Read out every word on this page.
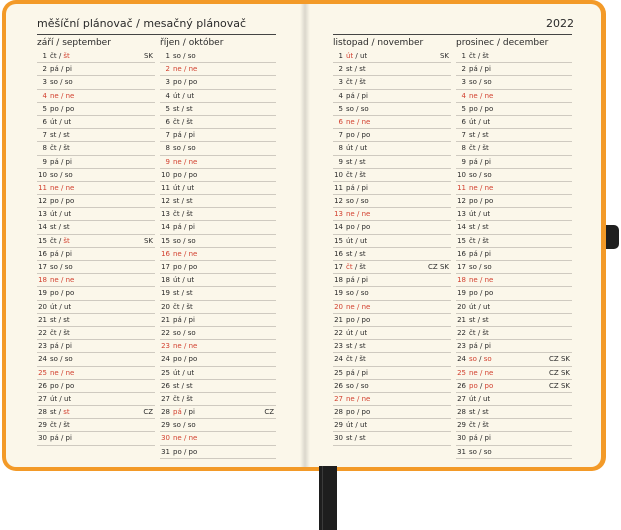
měšíční plánovač / mesačný plánovač	2022
září / september
1 čt / št	SK
2 pá / pi
3 so / so
4 ne / ne
5 po / po
6 út / ut
7 st / st
8 čt / št
9 pá / pi
10 so / so
11 ne / ne
12 po / po
13 út / ut
14 st / st
15 čt / št	SK
16 pá / pi
17 so / so
18 ne / ne
19 po / po
20 út / ut
21 st / st
22 čt / št
23 pá / pi
24 so / so
25 ne / ne
26 po / po
27 út / ut
28 st / st	CZ
29 čt / št
30 pá / pi
říjen / október
1 so / so
2 ne / ne
3 po / po
4 út / ut
5 st / st
6 čt / št
7 pá / pi
8 so / so
9 ne / ne
10 po / po
11 út / ut
12 st / st
13 čt / št
14 pá / pi
15 so / so
16 ne / ne
17 po / po
18 út / ut
19 st / st
20 čt / št
21 pá / pi
22 so / so
23 ne / ne
24 po / po
25 út / ut
26 st / st
27 čt / št
28 pá / pi	CZ
29 so / so
30 ne / ne
31 po / po
listopad / november
1 út / ut	SK
2 st / st
3 čt / št
4 pá / pi
5 so / so
6 ne / ne
7 po / po
8 út / ut
9 st / st
10 čt / št
11 pá / pi
12 so / so
13 ne / ne
14 po / po
15 út / ut
16 st / st
17 čt / št	CZ SK
18 pá / pi
19 so / so
20 ne / ne
21 po / po
22 út / ut
23 st / st
24 čt / št
25 pá / pi
26 so / so
27 ne / ne
28 po / po
29 út / ut
30 st / st
prosinec / december
1 čt / št
2 pá / pi
3 so / so
4 ne / ne
5 po / po
6 út / ut
7 st / st
8 čt / št
9 pá / pi
10 so / so
11 ne / ne
12 po / po
13 út / ut
14 st / st
15 čt / št
16 pá / pi
17 so / so
18 ne / ne
19 po / po
20 út / ut
21 st / st
22 čt / št
23 pá / pi
24 so / so	CZ SK
25 ne / ne	CZ SK
26 po / po	CZ SK
27 út / ut
28 st / st
29 čt / št
30 pá / pi
31 so / so
